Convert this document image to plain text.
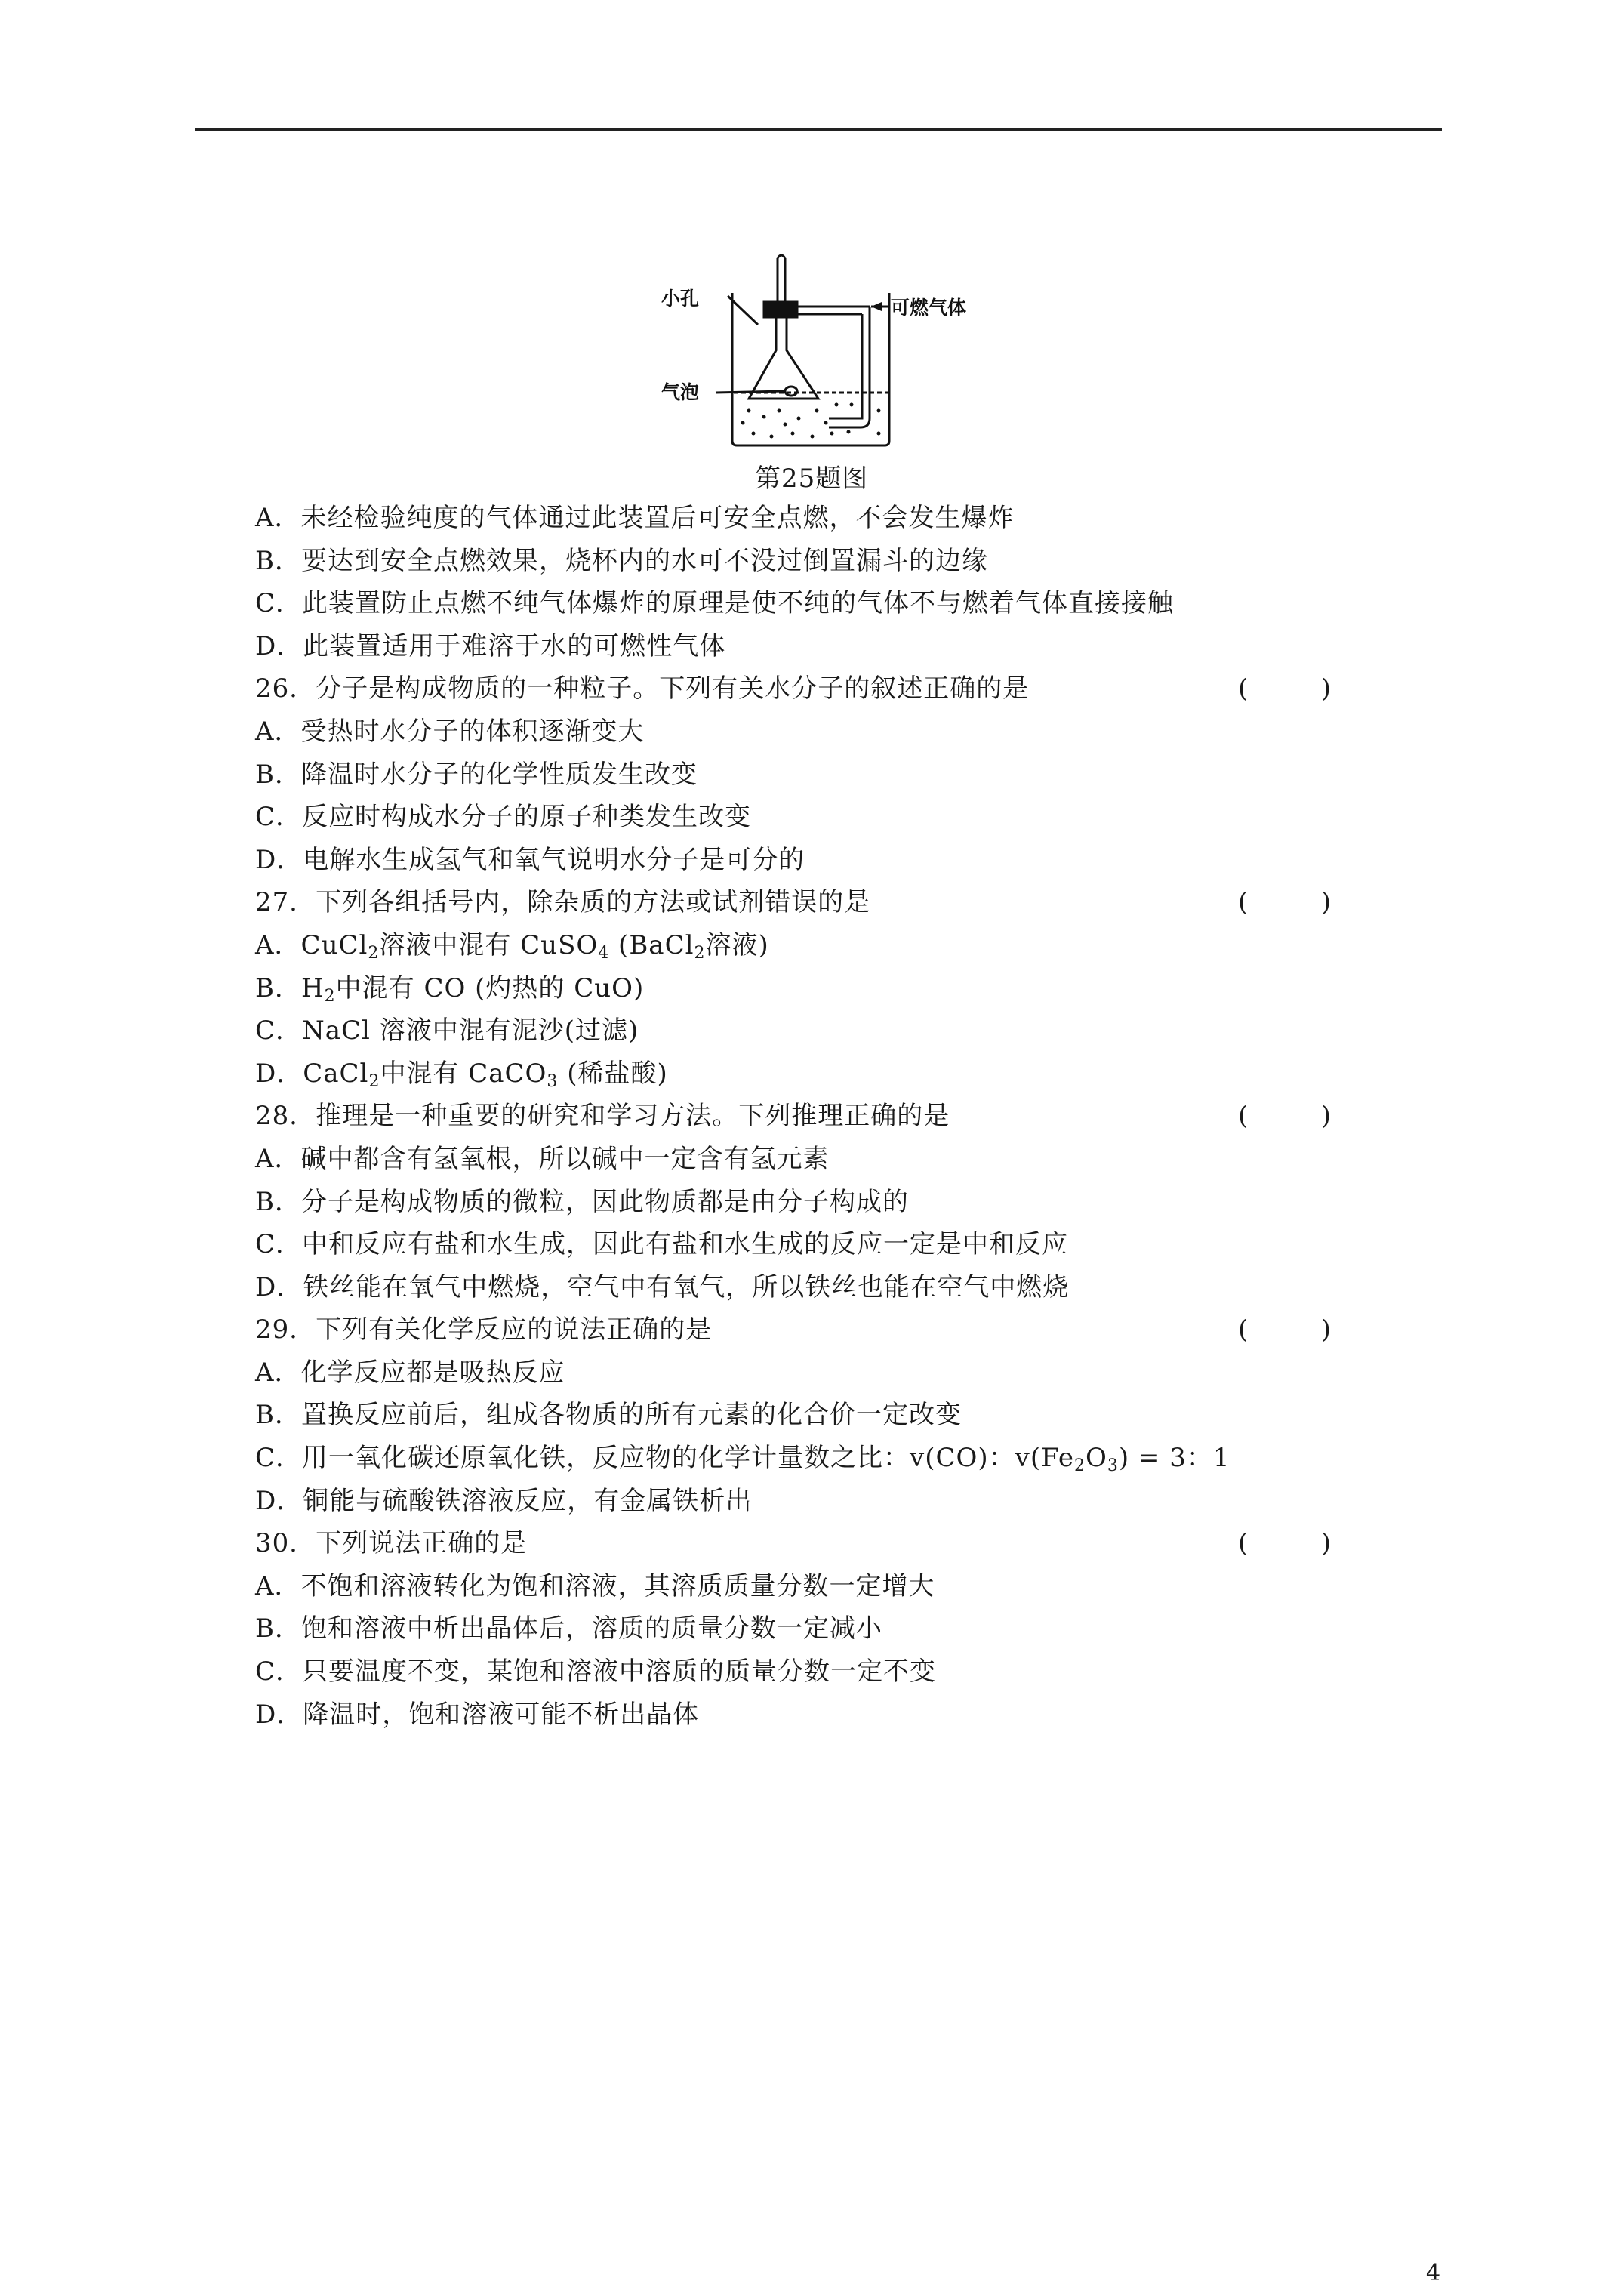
小孔
气泡
可燃气体
第25题图
A．未经检验纯度的气体通过此装置后可安全点燃，不会发生爆炸
B．要达到安全点燃效果，烧杯内的水可不没过倒置漏斗的边缘
C．此装置防止点燃不纯气体爆炸的原理是使不纯的气体不与燃着气体直接接触
D．此装置适用于难溶于水的可燃性气体
26．分子是构成物质的一种粒子。下列有关水分子的叙述正确的是	(	)
A．受热时水分子的体积逐渐变大
B．降温时水分子的化学性质发生改变
C．反应时构成水分子的原子种类发生改变
D．电解水生成氢气和氧气说明水分子是可分的
27．下列各组括号内，除杂质的方法或试剂错误的是	(	)
A．CuCl$_2$溶液中混有 CuSO$_4$ (BaCl$_2$溶液)
B．$H_2$中混有 CO (灼热的 CuO)
C．NaCl 溶液中混有泥沙(过滤)
D．CaCl$_2$中混有 CaCO$_3$ (稀盐酸)
28．推理是一种重要的研究和学习方法。下列推理正确的是	(	)
A．碱中都含有氢氧根，所以碱中一定含有氢元素
B．分子是构成物质的微粒，因此物质都是由分子构成的
C．中和反应有盐和水生成，因此有盐和水生成的反应一定是中和反应
D．铁丝能在氧气中燃烧，空气中有氧气，所以铁丝也能在空气中燃烧
29．下列有关化学反应的说法正确的是	(	)
A．化学反应都是吸热反应
B．置换反应前后，组成各物质的所有元素的化合价一定改变
C．用一氧化碳还原氧化铁，反应物的化学计量数之比：v(CO)：$v(Fe_2O_3) = 3$：1
D．铜能与硫酸铁溶液反应，有金属铁析出
30．下列说法正确的是	(	)
A．不饱和溶液转化为饱和溶液，其溶质质量分数一定增大
B．饱和溶液中析出晶体后，溶质的质量分数一定减小
C．只要温度不变，某饱和溶液中溶质的质量分数一定不变
D．降温时，饱和溶液可能不析出晶体
4
